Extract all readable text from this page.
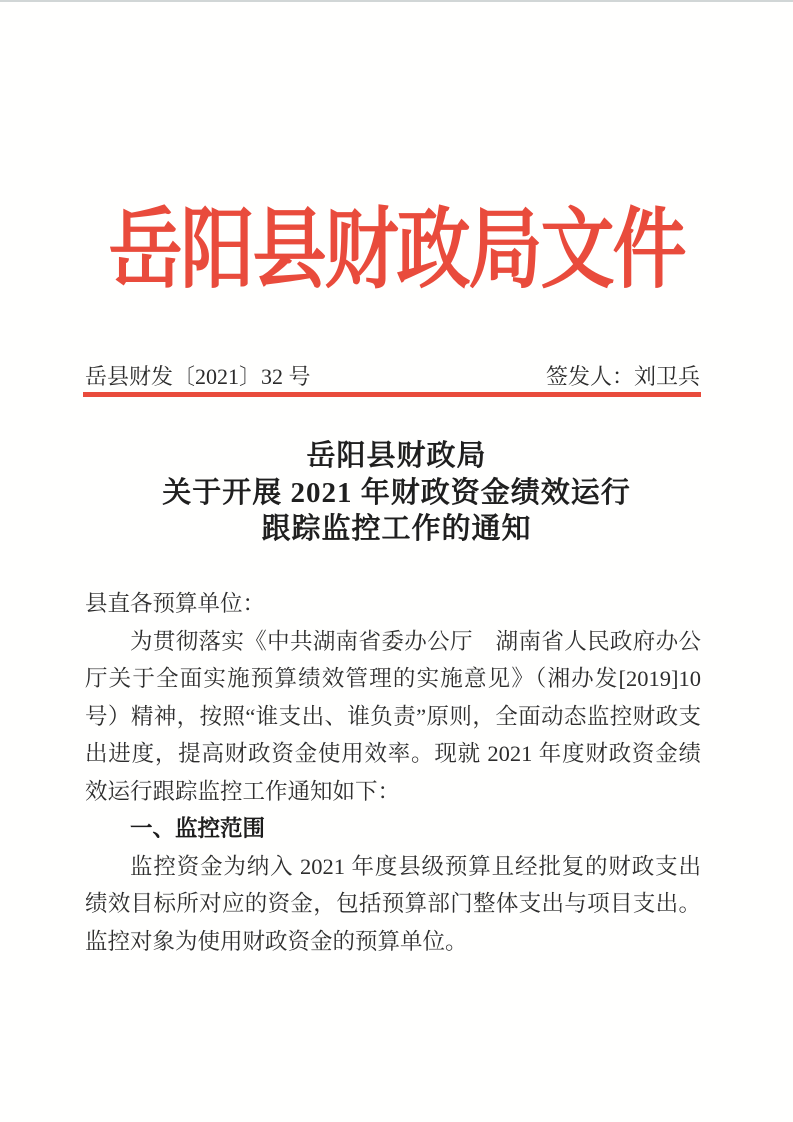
岳阳县财政局文件
岳县财发〔2021〕32 号	签发人：刘卫兵
岳阳县财政局
关于开展 2021 年财政资金绩效运行
跟踪监控工作的通知
县直各预算单位：
为贯彻落实《中共湖南省委办公厅　湖南省人民政府办公厅关于全面实施预算绩效管理的实施意见》（湘办发[2019]10 号）精神，按照“谁支出、谁负责”原则，全面动态监控财政支出进度，提高财政资金使用效率。现就 2021 年度财政资金绩效运行跟踪监控工作通知如下：
一、监控范围
监控资金为纳入 2021 年度县级预算且经批复的财政支出绩效目标所对应的资金，包括预算部门整体支出与项目支出。监控对象为使用财政资金的预算单位。
